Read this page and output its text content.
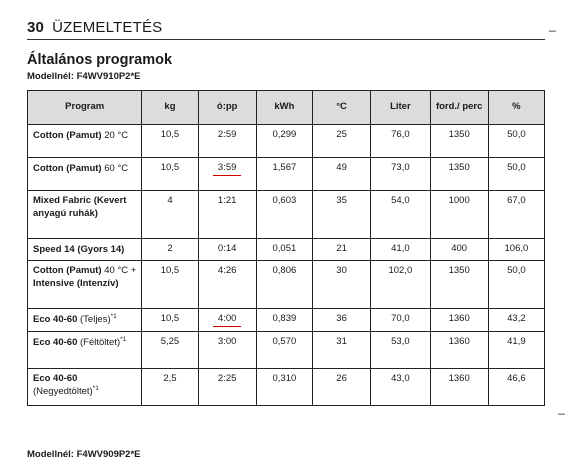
30 ÜZEMELTETÉS	_
_
Általános programok
Modellnél: F4WV910P2*E
Program	kg	ó:pp	kWh	°C	Liter	ford./ perc	%
Cotton (Pamut) 20 °C	10,5	2:59	0,299	25	76,0	1350	50,0
Cotton (Pamut) 60 °C	10,5	3:59	1,567	49	73,0	1350	50,0
Mixed Fabric (Kevert anyagú ruhák)	4	1:21	0,603	35	54,0	1000	67,0
Speed 14 (Gyors 14)	2	0:14	0,051	21	41,0	400	106,0
Cotton (Pamut) 40 °C + Intensive (Intenzív)	10,5	4:26	0,806	30	102,0	1350	50,0
Eco 40-60 (Teljes)$^{*1}$	10,5	4:00	0,839	36	70,0	1360	43,2
Eco 40-60 (Féltöltet)$^{*1}$	5,25	3:00	0,570	31	53,0	1360	41,9
Eco 40-60 (Negyedtöltet)$^{*1}$	2,5	2:25	0,310	26	43,0	1360	46,6
Modellnél: F4WV909P2*E
